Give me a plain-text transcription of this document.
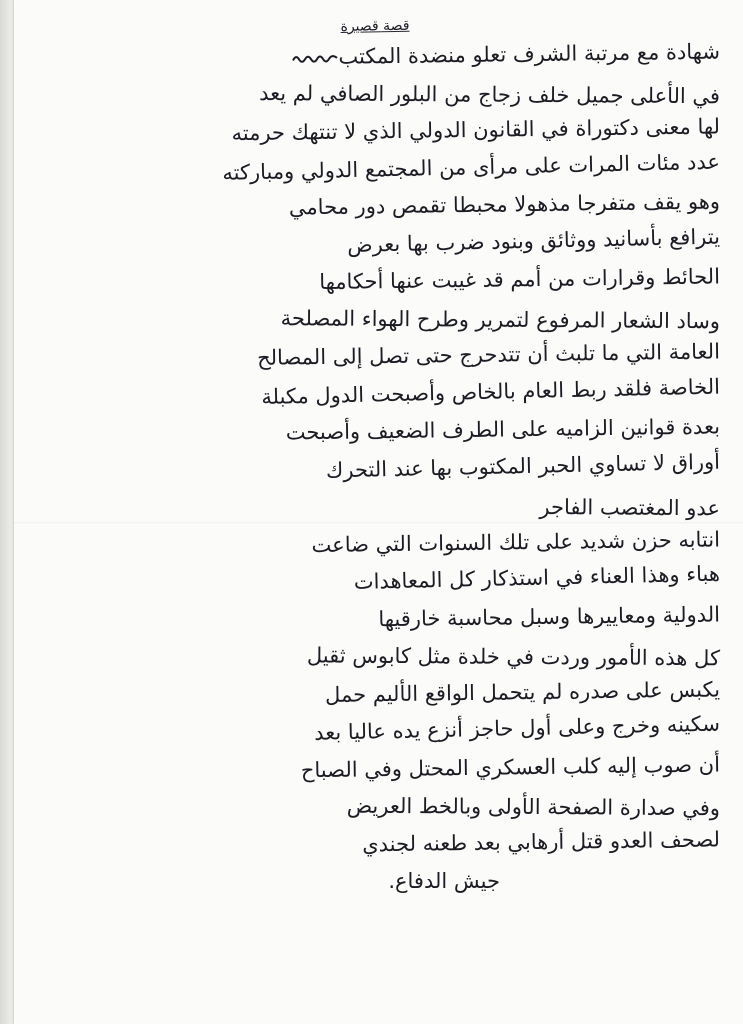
قصة قصيرة
شهادة مع مرتبة الشرف تعلو منضدة المكتب
في الأعلى جميل خلف زجاج من البلور الصافي لم يعد
لها معنى دكتوراة في القانون الدولي الذي لا تنتهك حرمته
عدد مئات المرات على مرأى من المجتمع الدولي ومباركته
وهو يقف متفرجا مذهولا محبطا تقمص دور محامي
يترافع بأسانيد ووثائق وبنود ضرب بها بعرض
الحائط وقرارات من أمم قد غيبت عنها أحكامها
وساد الشعار المرفوع لتمرير وطرح الهواء المصلحة
العامة التي ما تلبث أن تتدحرج حتى تصل إلى المصالح
الخاصة فلقد ربط العام بالخاص وأصبحت الدول مكبلة
بعدة قوانين الزاميه على الطرف الضعيف وأصبحت
أوراق لا تساوي الحبر المكتوب بها عند التحرك
عدو المغتصب الفاجر
انتابه حزن شديد على تلك السنوات التي ضاعت
هباء وهذا العناء في استذكار كل المعاهدات
الدولية ومعاييرها وسبل محاسبة خارقيها
كل هذه الأمور وردت في خلدة مثل كابوس ثقيل
يكبس على صدره لم يتحمل الواقع الأليم حمل
سكينه وخرج وعلى أول حاجز أنزع يده عاليا بعد
أن صوب إليه كلب العسكري المحتل وفي الصباح
وفي صدارة الصفحة الأولى وبالخط العريض
لصحف العدو قتل أرهابي بعد طعنه لجندي
جيش الدفاع.
